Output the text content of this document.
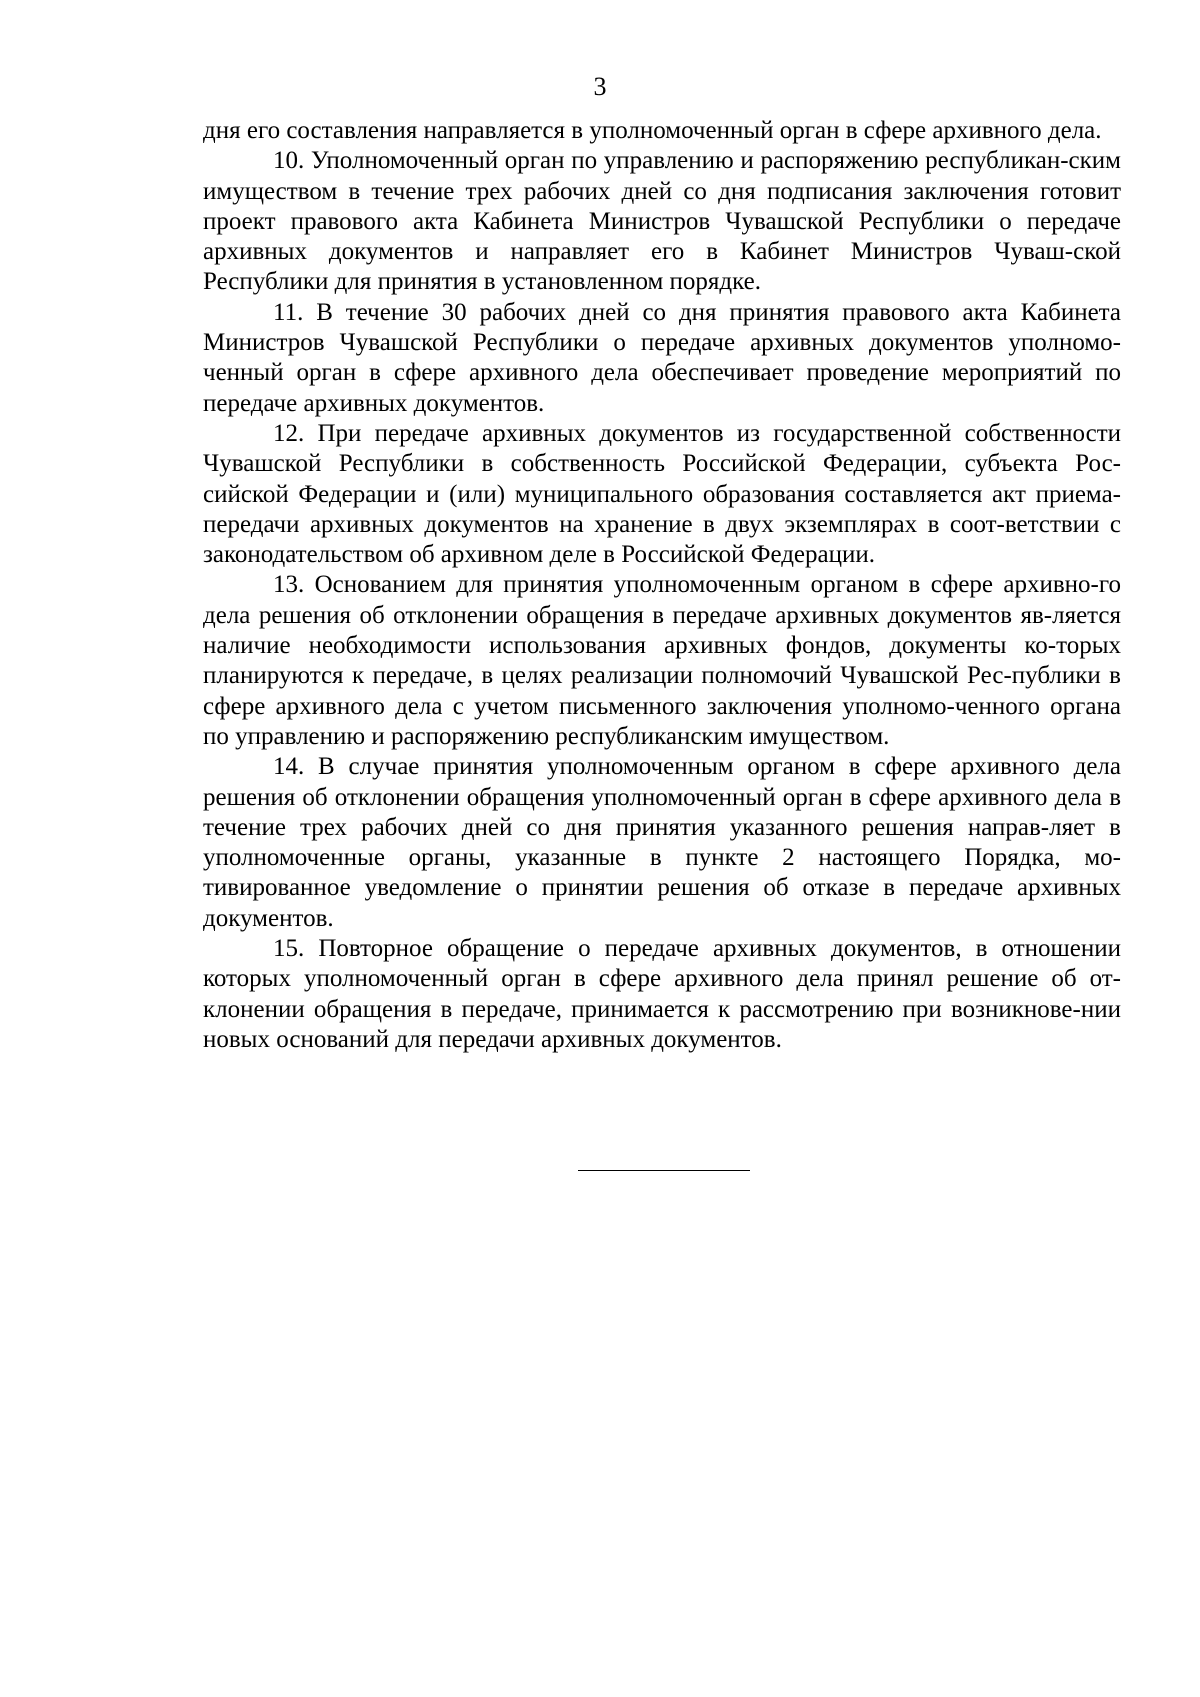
3

дня его составления направляется в уполномоченный орган в сфере архивного дела.

10. Уполномоченный орган по управлению и распоряжению республикан-ским имуществом в течение трех рабочих дней со дня подписания заключения готовит проект правового акта Кабинета Министров Чувашской Республики о передаче архивных документов и направляет его в Кабинет Министров Чуваш-ской Республики для принятия в установленном порядке.

11. В течение 30 рабочих дней со дня принятия правового акта Кабинета Министров Чувашской Республики о передаче архивных документов уполномо-ченный орган в сфере архивного дела обеспечивает проведение мероприятий по передаче архивных документов.

12. При передаче архивных документов из государственной собственности Чувашской Республики в собственность Российской Федерации, субъекта Рос-сийской Федерации и (или) муниципального образования составляется акт приема-передачи архивных документов на хранение в двух экземплярах в соот-ветствии с законодательством об архивном деле в Российской Федерации.

13. Основанием для принятия уполномоченным органом в сфере архивно-го дела решения об отклонении обращения в передаче архивных документов яв-ляется наличие необходимости использования архивных фондов, документы ко-торых планируются к передаче, в целях реализации полномочий Чувашской Рес-публики в сфере архивного дела с учетом письменного заключения уполномо-ченного органа по управлению и распоряжению республиканским имуществом.

14. В случае принятия уполномоченным органом в сфере архивного дела решения об отклонении обращения уполномоченный орган в сфере архивного дела в течение трех рабочих дней со дня принятия указанного решения направ-ляет в уполномоченные органы, указанные в пункте 2 настоящего Порядка, мо-тивированное уведомление о принятии решения об отказе в передаче архивных документов.

15. Повторное обращение о передаче архивных документов, в отношении которых уполномоченный орган в сфере архивного дела принял решение об от-клонении обращения в передаче, принимается к рассмотрению при возникнове-нии новых оснований для передачи архивных документов.
